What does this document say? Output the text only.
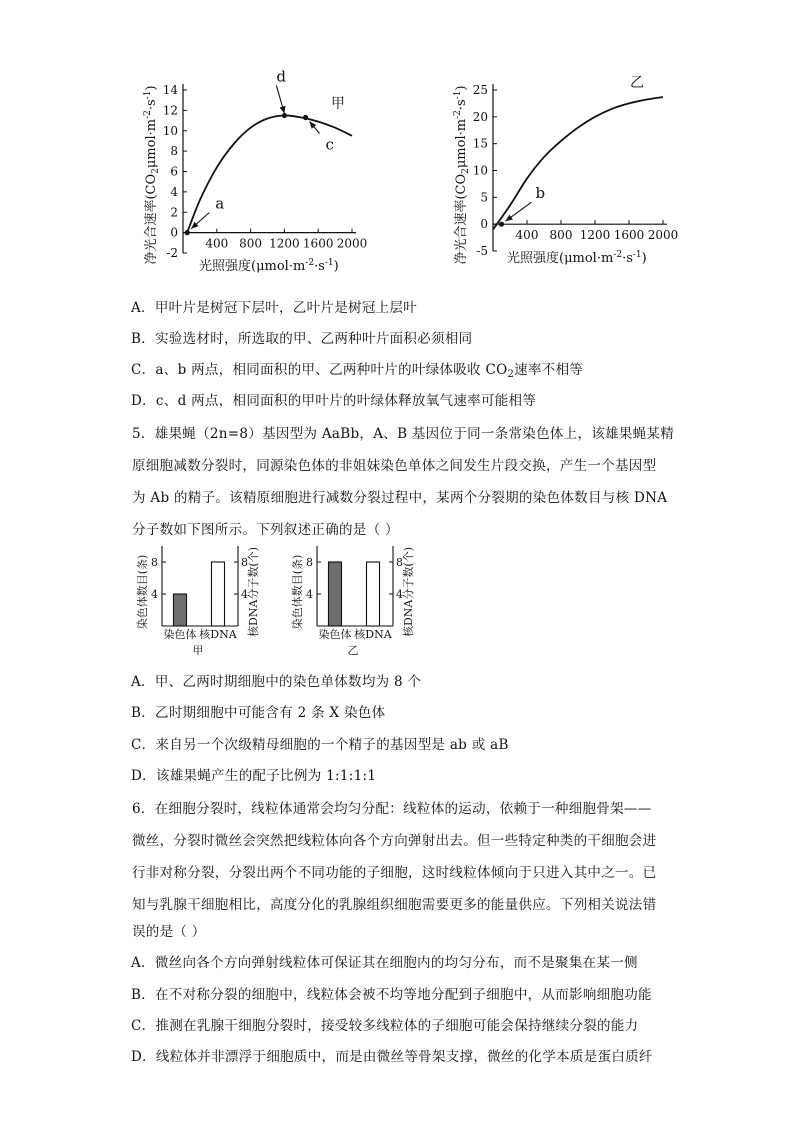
净光合速率$(CO_2\mu mol\cdot m^{-2}\cdot s^{-1})$
-2
2
4
6
8
10
12
14
0
400 800 1200 1600 2000
a
d
c
甲
光照强度$(\mu mol\cdot m^{-2}\cdot s^{-1})$
净光合速率$(CO_2\mu mol\cdot m^{-2}\cdot s^{-1})$
-5
5
10
15
20
25
0
400 800 1200 1600 2000
b
乙
光照强度$(\mu mol\cdot m^{-2}\cdot s^{-1})$
A．甲叶片是树冠下层叶，乙叶片是树冠上层叶
B．实验选材时，所选取的甲、乙两种叶片面积必须相同
C．a、b 两点，相同面积的甲、乙两种叶片的叶绿体吸收 $CO_2$速率不相等
D．c、d 两点，相同面积的甲叶片的叶绿体释放氧气速率可能相等
5．雄果蝇（2n=8）基因型为 AaBb，A、B 基因位于同一条常染色体上，该雄果蝇某精
原细胞减数分裂时，同源染色体的非姐妹染色单体之间发生片段交换，产生一个基因型
为 Ab 的精子。该精原细胞进行减数分裂过程中，某两个分裂期的染色体数目与核 DNA
分子数如下图所示。下列叙述正确的是（ ）
染色体数目(条)	核DNA分子数(个)
4	4
8	8
染色体 核DNA
甲
染色体数目(条)	核DNA分子数(个)
4	4
8	8
染色体 核DNA
乙
A．甲、乙两时期细胞中的染色单体数均为 8 个
B．乙时期细胞中可能含有 2 条 X 染色体
C．来自另一个次级精母细胞的一个精子的基因型是 ab 或 aB
D．该雄果蝇产生的配子比例为 1:1:1:1
6．在细胞分裂时，线粒体通常会均匀分配：线粒体的运动，依赖于一种细胞骨架——
微丝，分裂时微丝会突然把线粒体向各个方向弹射出去。但一些特定种类的干细胞会进
行非对称分裂，分裂出两个不同功能的子细胞，这时线粒体倾向于只进入其中之一。已
知与乳腺干细胞相比，高度分化的乳腺组织细胞需要更多的能量供应。下列相关说法错
误的是（ ）
A．微丝向各个方向弹射线粒体可保证其在细胞内的均匀分布，而不是聚集在某一侧
B．在不对称分裂的细胞中，线粒体会被不均等地分配到子细胞中，从而影响细胞功能
C．推测在乳腺干细胞分裂时，接受较多线粒体的子细胞可能会保持继续分裂的能力
D．线粒体并非漂浮于细胞质中，而是由微丝等骨架支撑，微丝的化学本质是蛋白质纤
